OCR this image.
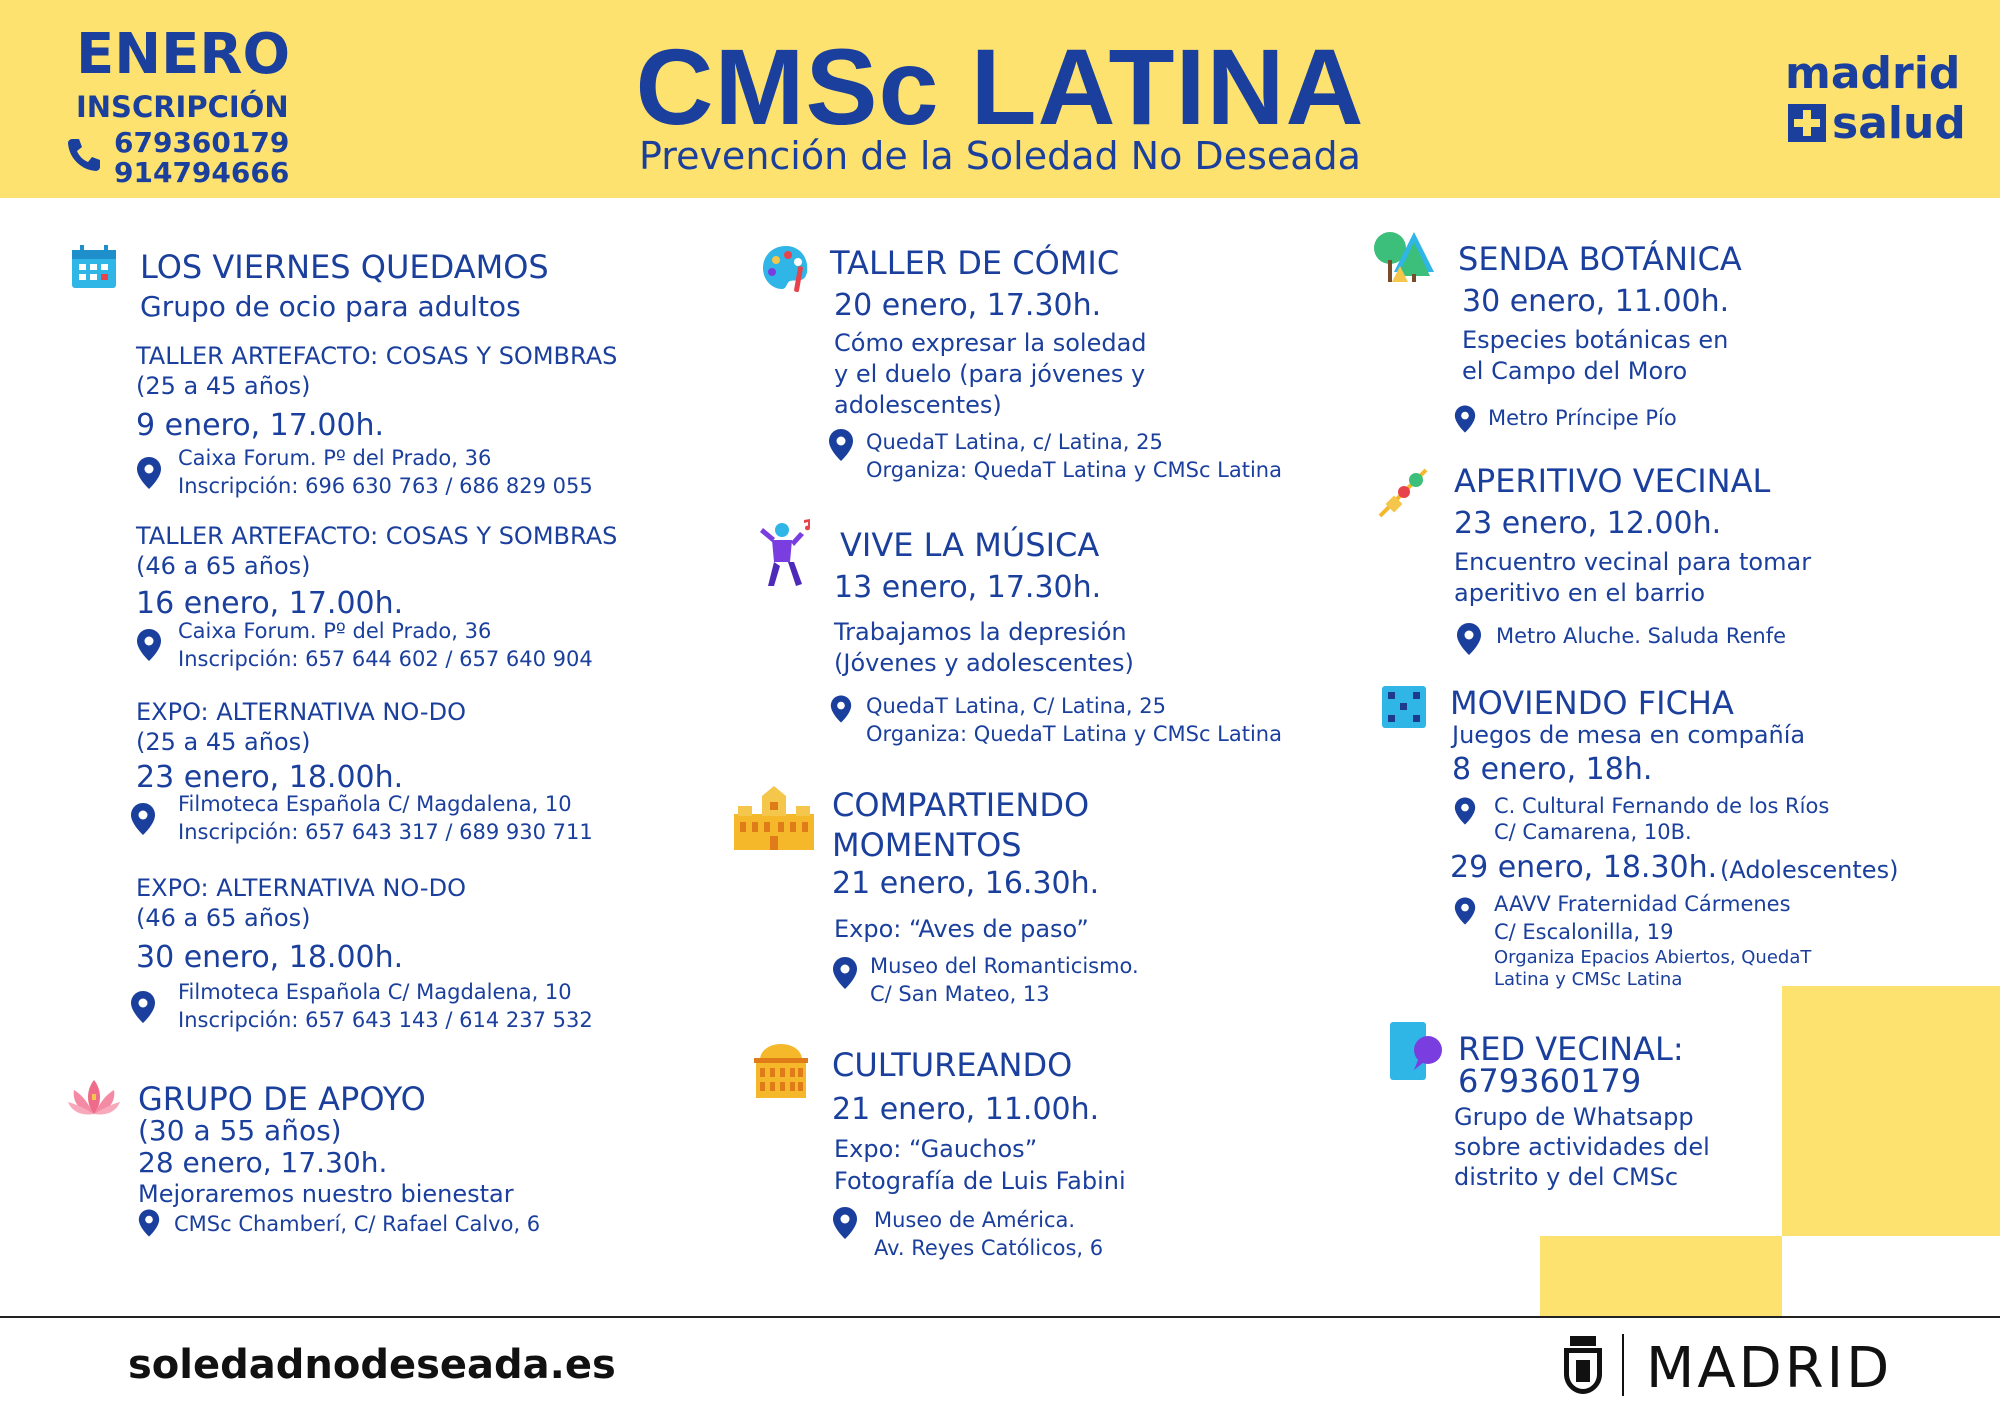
ENERO
INSCRIPCIÓN
679360179
914794666
CMSc LATINA
Prevención de la Soledad No Deseada
madrid
salud
LOS VIERNES QUEDAMOS
Grupo de ocio para adultos
TALLER ARTEFACTO: COSAS Y SOMBRAS
(25 a 45 años)
9 enero, 17.00h.
Caixa Forum. Pº del Prado, 36
Inscripción: 696 630 763 / 686 829 055
TALLER ARTEFACTO: COSAS Y SOMBRAS
(46 a 65 años)
16 enero, 17.00h.
Caixa Forum. Pº del Prado, 36
Inscripción: 657 644 602 / 657 640 904
EXPO: ALTERNATIVA NO-DO
(25 a 45 años)
23 enero, 18.00h.
Filmoteca Española C/ Magdalena, 10
Inscripción: 657 643 317 / 689 930 711
EXPO: ALTERNATIVA NO-DO
(46 a 65 años)
30 enero, 18.00h.
Filmoteca Española C/ Magdalena, 10
Inscripción: 657 643 143 / 614 237 532
GRUPO DE APOYO
(30 a 55 años)
28 enero, 17.30h.
Mejoraremos nuestro bienestar
CMSc Chamberí, C/ Rafael Calvo, 6
TALLER DE CÓMIC
20 enero, 17.30h.
Cómo expresar la soledad
y el duelo (para jóvenes y
adolescentes)
QuedaT Latina, c/ Latina, 25
Organiza: QuedaT Latina y CMSc Latina
VIVE LA MÚSICA
13 enero, 17.30h.
Trabajamos la depresión
(Jóvenes y adolescentes)
QuedaT Latina, C/ Latina, 25
Organiza: QuedaT Latina y CMSc Latina
COMPARTIENDO
MOMENTOS
21 enero, 16.30h.
Expo: “Aves de paso”
Museo del Romanticismo.
C/ San Mateo, 13
CULTUREANDO
21 enero, 11.00h.
Expo: “Gauchos”
Fotografía de Luis Fabini
Museo de América.
Av. Reyes Católicos, 6
SENDA BOTÁNICA
30 enero, 11.00h.
Especies botánicas en
el Campo del Moro
Metro Príncipe Pío
APERITIVO VECINAL
23 enero, 12.00h.
Encuentro vecinal para tomar
aperitivo en el barrio
Metro Aluche. Saluda Renfe
MOVIENDO FICHA
Juegos de mesa en compañía
8 enero, 18h.
C. Cultural Fernando de los Ríos
C/ Camarena, 10B.
29 enero, 18.30h. (Adolescentes)
AAVV Fraternidad Cármenes
C/ Escalonilla, 19
Organiza Epacios Abiertos, QuedaT
Latina y CMSc Latina
RED VECINAL:
679360179
Grupo de Whatsapp
sobre actividades del
distrito y del CMSc
soledadnodeseada.es	MADRID
